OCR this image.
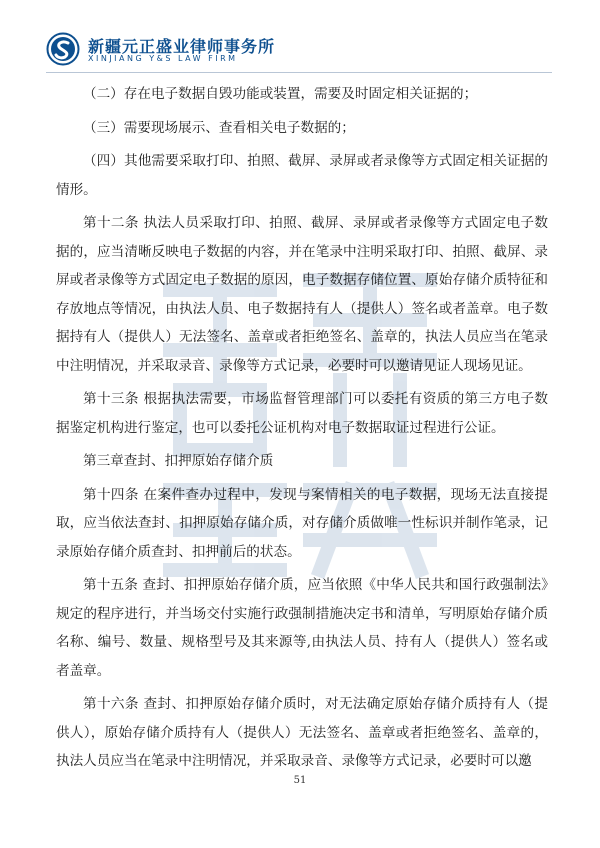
新疆元正盛业律师事务所
XINJIANG Y&S LAW FIRM

（二）存在电子数据自毁功能或装置，需要及时固定相关证据的；

（三）需要现场展示、查看相关电子数据的；

（四）其他需要采取打印、拍照、截屏、录屏或者录像等方式固定相关证据的情形。

第十二条 执法人员采取打印、拍照、截屏、录屏或者录像等方式固定电子数据的，应当清晰反映电子数据的内容，并在笔录中注明采取打印、拍照、截屏、录屏或者录像等方式固定电子数据的原因，电子数据存储位置、原始存储介质特征和存放地点等情况，由执法人员、电子数据持有人（提供人）签名或者盖章。电子数据持有人（提供人）无法签名、盖章或者拒绝签名、盖章的，执法人员应当在笔录中注明情况，并采取录音、录像等方式记录，必要时可以邀请见证人现场见证。

第十三条 根据执法需要，市场监督管理部门可以委托有资质的第三方电子数据鉴定机构进行鉴定，也可以委托公证机构对电子数据取证过程进行公证。

第三章查封、扣押原始存储介质

第十四条 在案件查办过程中，发现与案情相关的电子数据，现场无法直接提取，应当依法查封、扣押原始存储介质，对存储介质做唯一性标识并制作笔录，记录原始存储介质查封、扣押前后的状态。

第十五条 查封、扣押原始存储介质，应当依照《中华人民共和国行政强制法》规定的程序进行，并当场交付实施行政强制措施决定书和清单，写明原始存储介质名称、编号、数量、规格型号及其来源等,由执法人员、持有人（提供人）签名或者盖章。

第十六条 查封、扣押原始存储介质时，对无法确定原始存储介质持有人（提供人），原始存储介质持有人（提供人）无法签名、盖章或者拒绝签名、盖章的，执法人员应当在笔录中注明情况，并采取录音、录像等方式记录，必要时可以邀

51
